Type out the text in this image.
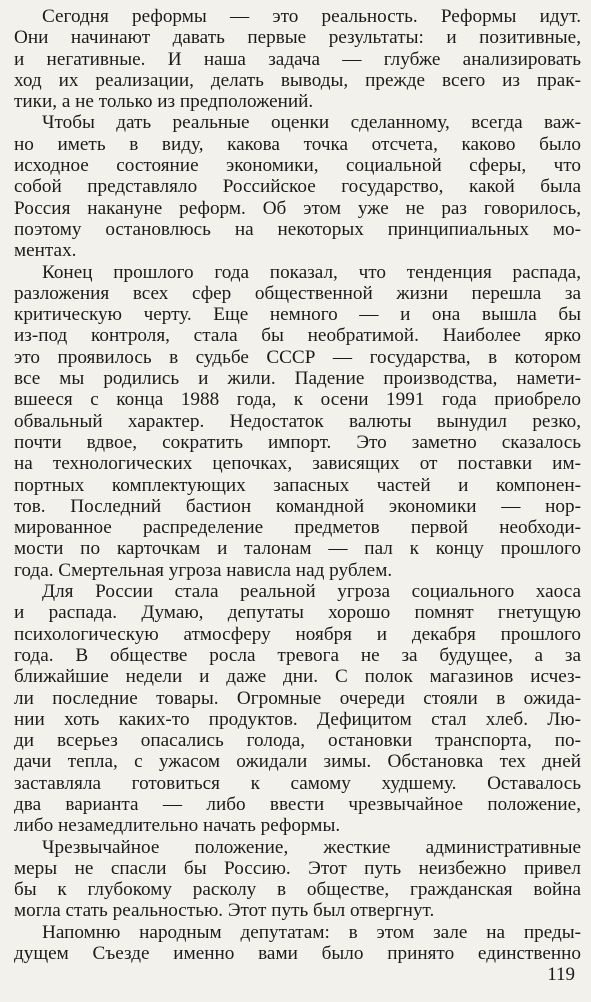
Сегодня реформы — это реальность. Реформы идут.
Они начинают давать первые результаты: и позитивные,
и негативные. И наша задача — глубже анализировать
ход их реализации, делать выводы, прежде всего из прак-
тики, а не только из предположений.
Чтобы дать реальные оценки сделанному, всегда важ-
но иметь в виду, какова точка отсчета, каково было
исходное состояние экономики, социальной сферы, что
собой представляло Российское государство, какой была
Россия накануне реформ. Об этом уже не раз говорилось,
поэтому остановлюсь на некоторых принципиальных мо-
ментах.
Конец прошлого года показал, что тенденция распада,
разложения всех сфер общественной жизни перешла за
критическую черту. Еще немного — и она вышла бы
из-под контроля, стала бы необратимой. Наиболее ярко
это проявилось в судьбе СССР — государства, в котором
все мы родились и жили. Падение производства, намети-
вшееся с конца 1988 года, к осени 1991 года приобрело
обвальный характер. Недостаток валюты вынудил резко,
почти вдвое, сократить импорт. Это заметно сказалось
на технологических цепочках, зависящих от поставки им-
портных комплектующих запасных частей и компонен-
тов. Последний бастион командной экономики — нор-
мированное распределение предметов первой необходи-
мости по карточкам и талонам — пал к концу прошлого
года. Смертельная угроза нависла над рублем.
Для России стала реальной угроза социального хаоса
и распада. Думаю, депутаты хорошо помнят гнетущую
психологическую атмосферу ноября и декабря прошлого
года. В обществе росла тревога не за будущее, а за
ближайшие недели и даже дни. С полок магазинов исчез-
ли последние товары. Огромные очереди стояли в ожида-
нии хоть каких-то продуктов. Дефицитом стал хлеб. Лю-
ди всерьез опасались голода, остановки транспорта, по-
дачи тепла, с ужасом ожидали зимы. Обстановка тех дней
заставляла готовиться к самому худшему. Оставалось
два варианта — либо ввести чрезвычайное положение,
либо незамедлительно начать реформы.
Чрезвычайное положение, жесткие административные
меры не спасли бы Россию. Этот путь неизбежно привел
бы к глубокому расколу в обществе, гражданская война
могла стать реальностью. Этот путь был отвергнут.
Напомню народным депутатам: в этом зале на преды-
дущем Съезде именно вами было принято единственно
119
